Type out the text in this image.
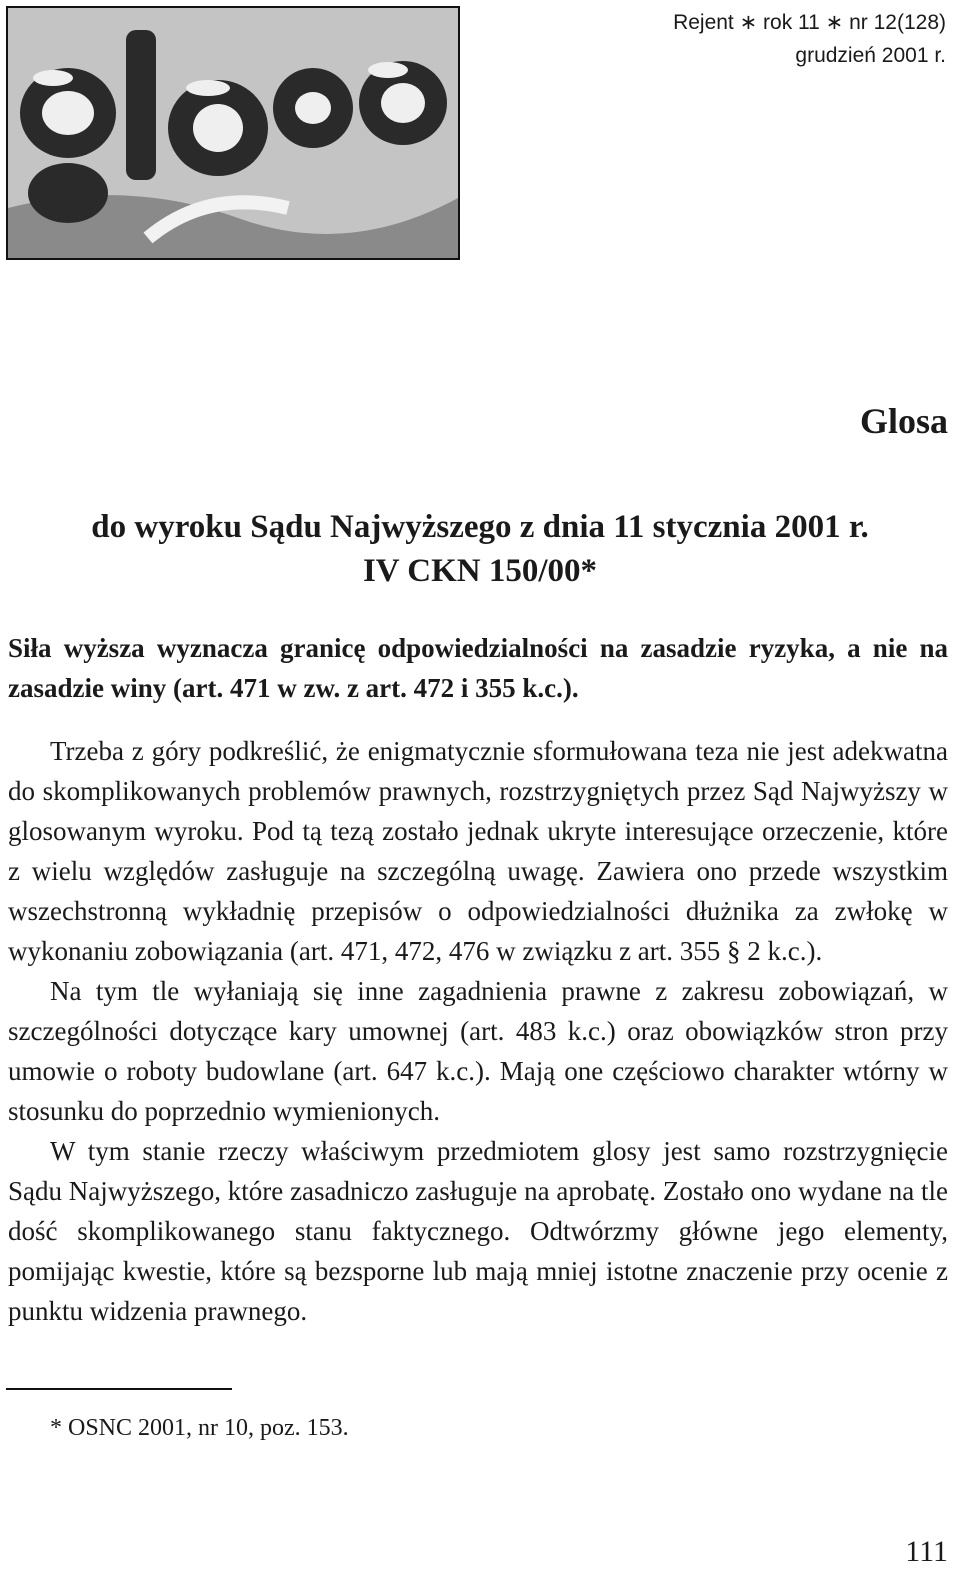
Rejent ∗ rok 11 ∗ nr 12(128)
grudzień 2001 r.
Glosa
do wyroku Sądu Najwyższego z dnia 11 stycznia 2001 r.
IV CKN 150/00*
Siła wyższa wyznacza granicę odpowiedzialności na zasadzie ryzyka, a nie na zasadzie winy (art. 471 w zw. z art. 472 i 355 k.c.).

Trzeba z góry podkreślić, że enigmatycznie sformułowana teza nie jest adekwatna do skomplikowanych problemów prawnych, rozstrzygniętych przez Sąd Najwyższy w glosowanym wyroku. Pod tą tezą zostało jednak ukryte interesujące orzeczenie, które z wielu względów zasługuje na szczególną uwagę. Zawiera ono przede wszystkim wszechstronną wykładnię przepisów o odpowiedzialności dłużnika za zwłokę w wykonaniu zobowiązania (art. 471, 472, 476 w związku z art. 355 § 2 k.c.).

Na tym tle wyłaniają się inne zagadnienia prawne z zakresu zobowiązań, w szczególności dotyczące kary umownej (art. 483 k.c.) oraz obowiązków stron przy umowie o roboty budowlane (art. 647 k.c.). Mają one częściowo charakter wtórny w stosunku do poprzednio wymienionych.

W tym stanie rzeczy właściwym przedmiotem glosy jest samo rozstrzygnięcie Sądu Najwyższego, które zasadniczo zasługuje na aprobatę. Zostało ono wydane na tle dość skomplikowanego stanu faktycznego. Odtwórzmy główne jego elementy, pomijając kwestie, które są bezsporne lub mają mniej istotne znaczenie przy ocenie z punktu widzenia prawnego.

* OSNC 2001, nr 10, poz. 153.
111
